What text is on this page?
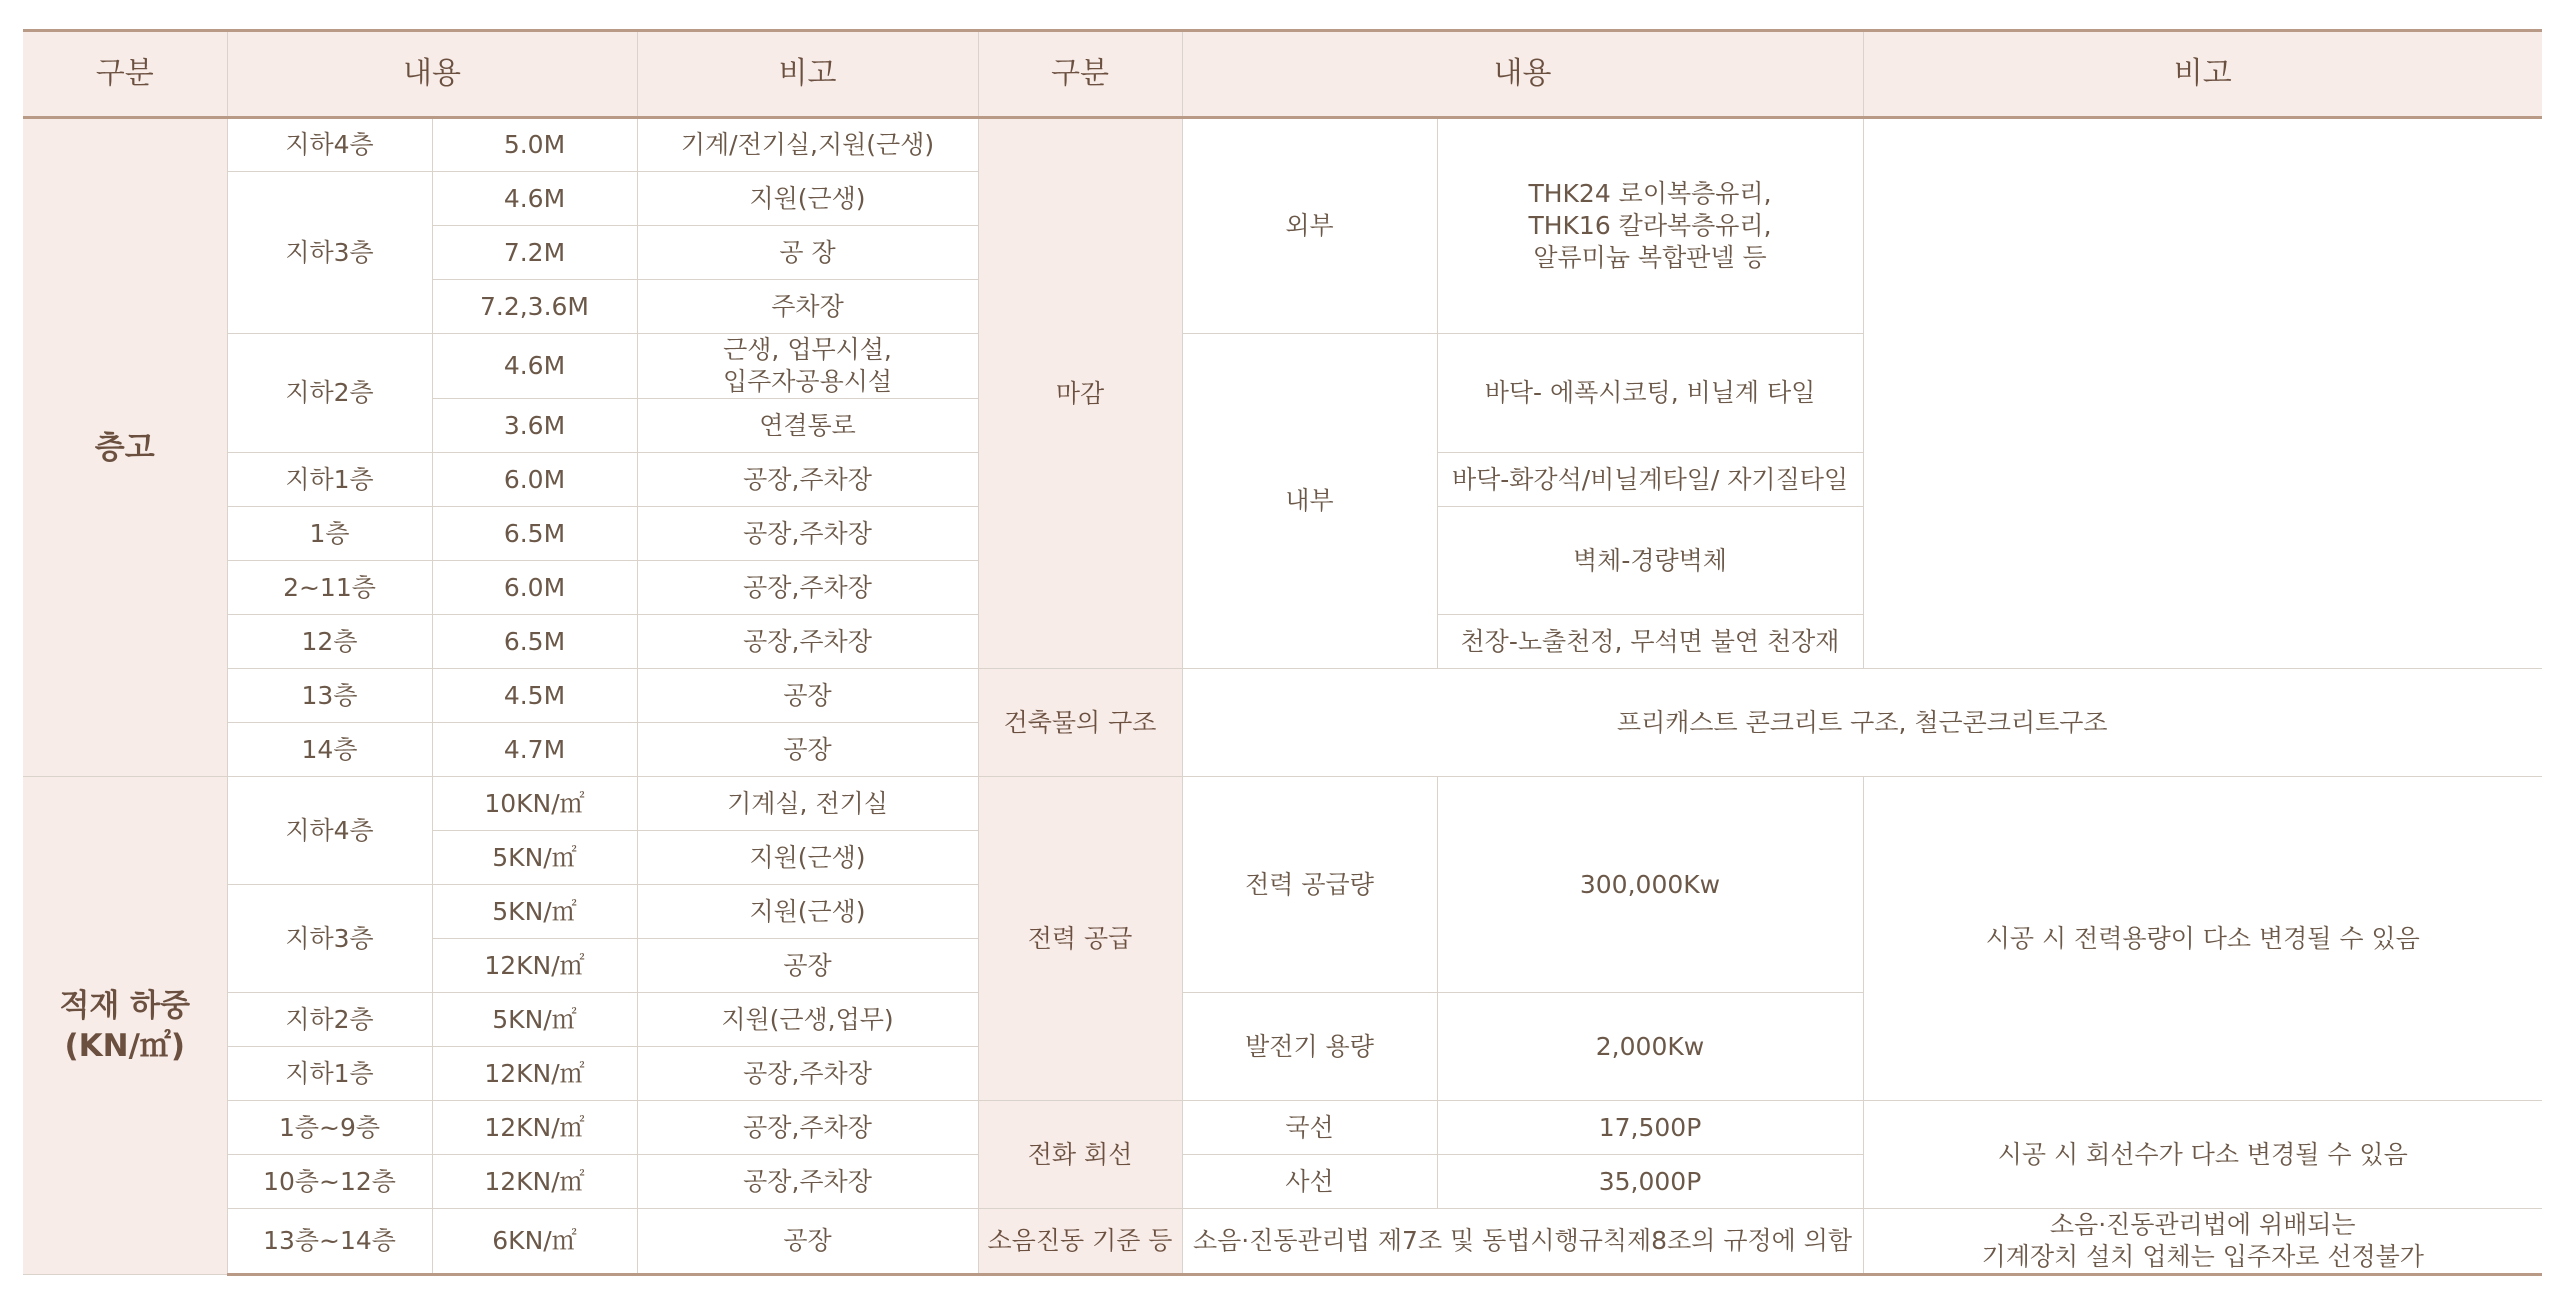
구분	내용		비고	구분	내용		비고
층고	지하4층	5.0M	기계/전기실,지원(근생)	마감	외부	THK24 로이복층유리,
THK16 칼라복층유리,
알류미늄 복합판넬 등	
	지하3층	4.6M	지원(근생)				
		7.2M	공 장				
		7.2,3.6M	주차장				
	지하2층	4.6M	근생, 업무시설,
입주자공용시설		내부	바닥- 에폭시코팅, 비닐계 타일	
		3.6M	연결통로				
	지하1층	6.0M	공장,주차장			바닥-화강석/비닐계타일/ 자기질타일	
	1층	6.5M	공장,주차장			벽체-경량벽체	
	2~11층	6.0M	공장,주차장				
	12층	6.5M	공장,주차장			천장-노출천정, 무석면 불연 천장재	
	13층	4.5M	공장	건축물의 구조	프리캐스트 콘크리트 구조, 철근콘크리트구조		
	14층	4.7M	공장				
적재 하중
(KN/㎡)	지하4층	10KN/㎡	기계실, 전기실	전력 공급	전력 공급량	300,000Kw	시공 시 전력용량이 다소 변경될 수 있음
		5KN/㎡	지원(근생)				
	지하3층	5KN/㎡	지원(근생)				
		12KN/㎡	공장				
	지하2층	5KN/㎡	지원(근생,업무)		발전기 용량	2,000Kw	
	지하1층	12KN/㎡	공장,주차장				
	1층~9층	12KN/㎡	공장,주차장	전화 회선	국선	17,500P	시공 시 회선수가 다소 변경될 수 있음
	10층~12층	12KN/㎡	공장,주차장		사선	35,000P	
	13층~14층	6KN/㎡	공장	소음진동 기준 등	소음·진동관리법 제7조 및 동법시행규칙제8조의 규정에 의함		소음·진동관리법에 위배되는
기계장치 설치 업체는 입주자로 선정불가
